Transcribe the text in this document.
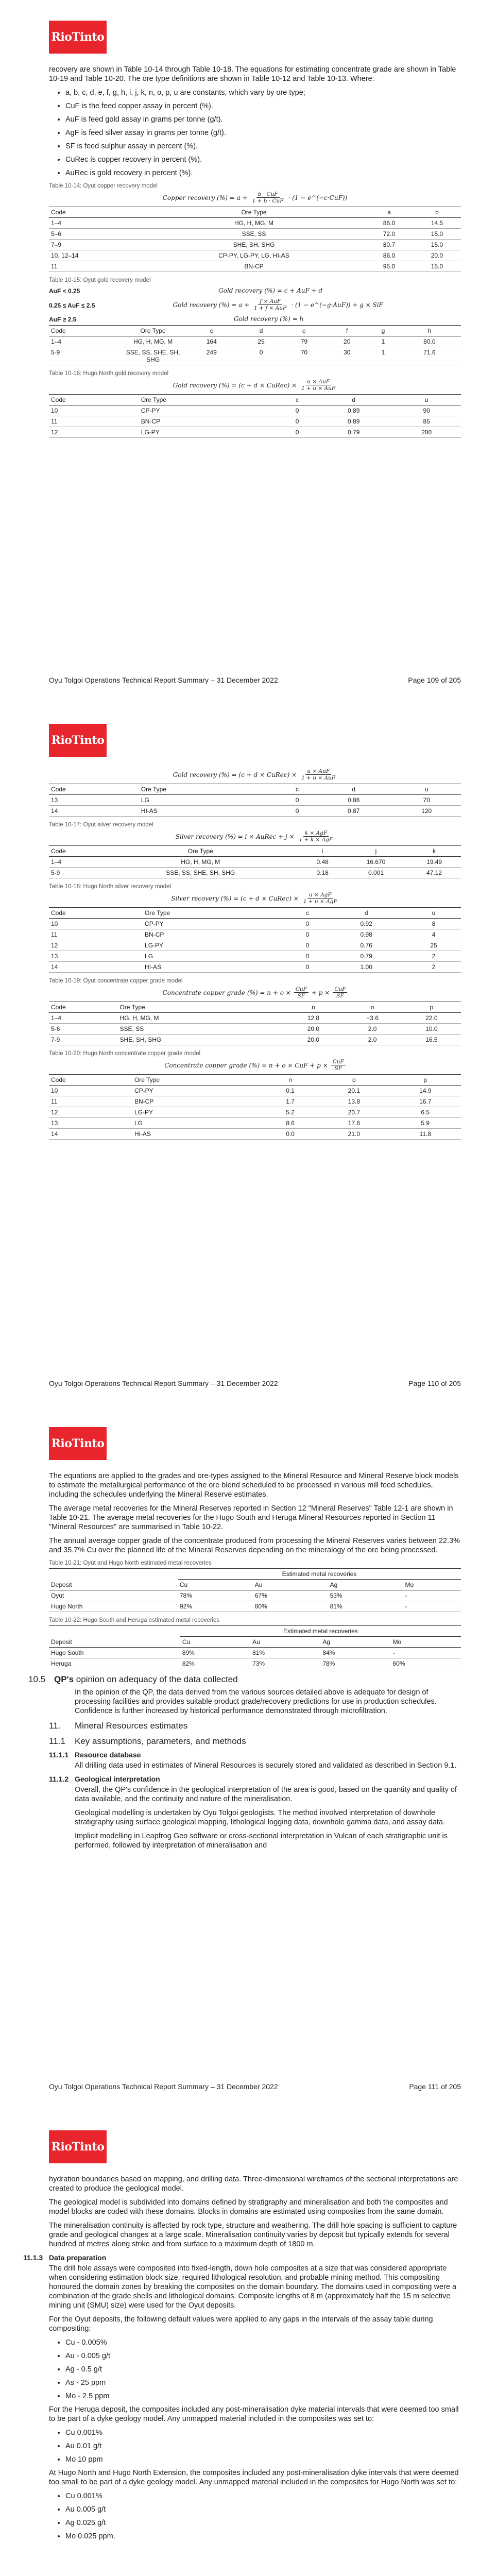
RioTinto

recovery are shown in Table 10-14 through Table 10-18. The equations for estimating concentrate grade are shown in Table 10-19 and Table 10-20. The ore type definitions are shown in Table 10-12 and Table 10-13. Where:

• a, b, c, d, e, f, g, h, i, j, k, n, o, p, u are constants, which vary by ore type;
• CuF is the feed copper assay in percent (%).
• AuF is feed gold assay in grams per tonne (g/t).
• AgF is feed silver assay in grams per tonne (g/t).
• SF is feed sulphur assay in percent (%).
• CuRec is copper recovery in percent (%).
• AuRec is gold recovery in percent (%).
Table 10-14: Oyut copper recovery model
Copper recovery (%) = $a + \frac{\text{b · CuF}}{\text{1 + b · CuF}} \cdot (1$ − e^(−c·CuF))
Code	Ore Type	a	b
1–4	HG, H, MG, M	86.0	14.5
5–6	SSE, SS	72.0	15.0
7–9	SHE, SH, SHG	80.7	15.0
10, 12–14	CP-PY, LG-PY, LG, HI-AS	86.0	20.0
11	BN-CP	95.0	15.0
Table 10-15: Oyut gold recovery model
AuF < 0.25	Gold recovery (%) = c + AuF + d
0.25 ≤ AuF ≤ 2.5	Gold recovery (%) = $a + \frac{\text{f × AuF}}{\text{1 + f × AuF}} \cdot (1$ − e^(−g·AuF)) + g × SiF
AuF ≥ 2.5	Gold recovery (%) = h
Code	Ore Type	c	d	e	f	g	h
1–4	HG, H, MG, M	164	25	79	20	1	80.0
5-9	SSE, SS, SHE, SH, SHG	249	0	70	30	1	71.6
Table 10-16: Hugo North gold recovery model
Gold recovery (%) = (c + d × CuRec) × $\frac{\text{u × AuF}}{\text{1 + u × AuF}}$
Code	Ore Type	c	d	u
10	CP-PY	0	0.89	90
11	BN-CP	0	0.89	85
12	LG-PY	0	0.79	280
Oyu Tolgoi Operations Technical Report Summary – 31 December 2022	Page 109 of 205
RioTinto
Gold recovery (%) = (c + d × CuRec) × $\frac{\text{u × AuF}}{\text{1 + u × AuF}}$
Code	Ore Type	c	d	u
13	LG	0	0.86	70
14	HI-AS	0	0.87	120
Table 10-17: Oyut silver recovery model
Silver recovery (%) = i × AuRec + $j \times \frac{\text{k × AgF}}{\text{1 + k × AgF}}$
Code	Ore Type	i	j	k
1–4	HG, H, MG, M	0.48	16.670	19.49
5-9	SSE, SS, SHE, SH, SHG	0.18	0.001	47.12
Table 10-18: Hugo North silver recovery model
Silver recovery (%) = (c + d × CuRec) × $\frac{\text{u × AgF}}{\text{1 + u × AgF}}$
Code	Ore Type	c	d	u
10	CP-PY	0	0.92	8
11	BN-CP	0	0.98	4
12	LG-PY	0	0.76	25
13	LG	0	0.79	2
14	HI-AS	0	1.00	2
Table 10-19: Oyut concentrate copper grade model
Concentrate copper grade (%) = $n + o \times \frac{\text{CuF}}{SF} + p \times \frac{\text{CuF}}{SF}$
Code	Ore Type	n	o	p
1–4	HG, H, MG, M	12.8	−3.6	22.0
5-6	SSE, SS	20.0	2.0	10.0
7-9	SHE, SH, SHG	20.0	2.0	16.5
Table 10-20: Hugo North concentrate copper grade model
Concentrate copper grade (%) = n + o × CuF + $p \times \frac{\text{CuF}}{SF}$
Code	Ore Type	n	o	p
10	CP-PY	0.1	20.1	14.9
11	BN-CP	1.7	13.8	16.7
12	LG-PY	5.2	20.7	6.5
13	LG	8.6	17.6	5.9
14	HI-AS	0.0	21.0	11.8
Oyu Tolgoi Operations Technical Report Summary – 31 December 2022	Page 110 of 205
RioTinto

The equations are applied to the grades and ore-types assigned to the Mineral Resource and Mineral Reserve block models to estimate the metallurgical performance of the ore blend scheduled to be processed in various mill feed schedules, including the schedules underlying the Mineral Reserve estimates.

The average metal recoveries for the Mineral Reserves reported in Section 12 "Mineral Reserves" Table 12-1 are shown in Table 10-21. The average metal recoveries for the Hugo South and Heruga Mineral Resources reported in Section 11 "Mineral Resources" are summarised in Table 10-22.

The annual average copper grade of the concentrate produced from processing the Mineral Reserves varies between 22.3% and 35.7% Cu over the planned life of the Mineral Reserves depending on the mineralogy of the ore being processed.

Table 10-21: Oyut and Hugo North estimated metal recoveries
Deposit	Estimated metal recoveries			
	Cu	Au	Ag	Mo
Oyut	78%	67%	53%	-
Hugo North	92%	80%	81%	-
Table 10-22: Hugo South and Heruga estimated metal recoveries
Deposit	Estimated metal recoveries			
	Cu	Au	Ag	Mo
Hugo South	89%	81%	84%	-
Heruga	82%	73%	78%	60%
10.5 QP's opinion on adequacy of the data collected

In the opinion of the QP, the data derived from the various sources detailed above is adequate for design of processing facilities and provides suitable product grade/recovery predictions for use in production schedules. Confidence is further increased by historical performance demonstrated through microfiltration.

11.	Mineral Resources estimates
11.1	Key assumptions, parameters, and methods
11.1.1 Resource database

All drilling data used in estimates of Mineral Resources is securely stored and validated as described in Section 9.1.

11.1.2 Geological interpretation

Overall, the QP's confidence in the geological interpretation of the area is good, based on the quantity and quality of data available, and the continuity and nature of the mineralisation.

Geological modelling is undertaken by Oyu Tolgoi geologists. The method involved interpretation of downhole stratigraphy using surface geological mapping, lithological logging data, downhole gamma data, and assay data.

Implicit modelling in Leapfrog Geo software or cross-sectional interpretation in Vulcan of each stratigraphic unit is performed, followed by interpretation of mineralisation and

Oyu Tolgoi Operations Technical Report Summary – 31 December 2022	Page 111 of 205
RioTinto

hydration boundaries based on mapping, and drilling data. Three-dimensional wireframes of the sectional interpretations are created to produce the geological model.

The geological model is subdivided into domains defined by stratigraphy and mineralisation and both the composites and model blocks are coded with these domains. Blocks in domains are estimated using composites from the same domain.

The mineralisation continuity is affected by rock type, structure and weathering. The drill hole spacing is sufficient to capture grade and geological changes at a large scale. Mineralisation continuity varies by deposit but typically extends for several hundred of metres along strike and from surface to a maximum depth of 1800 m.

11.1.3 Data preparation

The drill hole assays were composited into fixed-length, down hole composites at a size that was considered appropriate when considering estimation block size, required lithological resolution, and probable mining method. This compositing honoured the domain zones by breaking the composites on the domain boundary. The domains used in compositing were a combination of the grade shells and lithological domains. Composite lengths of 8 m (approximately half the 15 m selective mining unit (SMU) size) were used for the Oyut deposits.

For the Oyut deposits, the following default values were applied to any gaps in the intervals of the assay table during compositing:

• Cu - 0.005%
• Au - 0.005 g/t
• Ag - 0.5 g/t
• As - 25 ppm
• Mo - 2.5 ppm

For the Heruga deposit, the composites included any post-mineralisation dyke material intervals that were deemed too small to be part of a dyke geology model. Any unmapped material included in the composites was set to:

• Cu 0.001%
• Au 0.01 g/t
• Mo 10 ppm

At Hugo North and Hugo North Extension, the composites included any post-mineralisation dyke intervals that were deemed too small to be part of a dyke geology model. Any unmapped material included in the composites for Hugo North was set to:

• Cu 0.001%
• Au 0.005 g/t
• Ag 0.025 g/t
• Mo 0.025 ppm.
